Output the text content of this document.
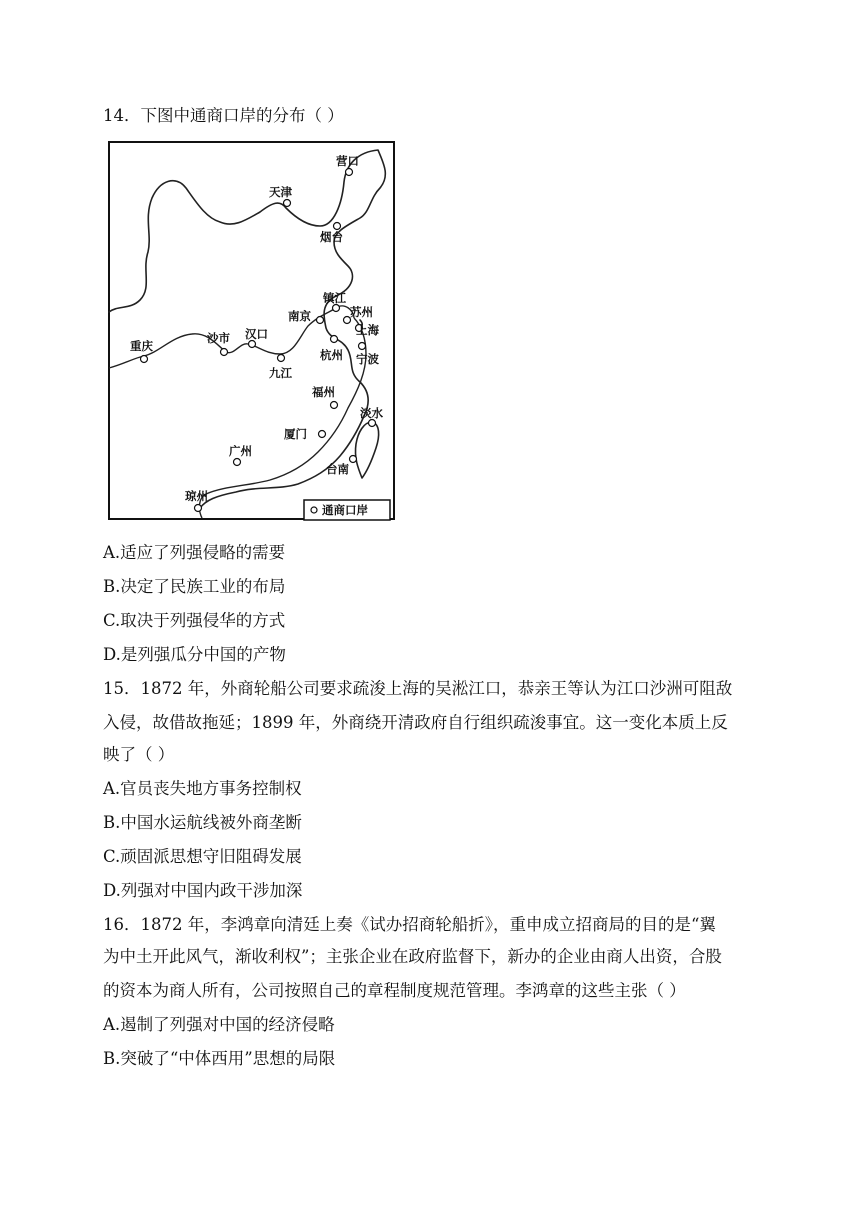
14．下图中通商口岸的分布（ ）

通商口岸
营口
天津
烟台
镇江
南京	苏州
上海
杭州 宁波
重庆
沙市 汉口
九江
福州
厦门
淡水
广州
台南
琼州

A.适应了列强侵略的需要

B.决定了民族工业的布局

C.取决于列强侵华的方式

D.是列强瓜分中国的产物

15．1872 年，外商轮船公司要求疏浚上海的吴淞江口，恭亲王等认为江口沙洲可阻敌

入侵，故借故拖延；1899 年，外商绕开清政府自行组织疏浚事宜。这一变化本质上反

映了（ ）

A.官员丧失地方事务控制权

B.中国水运航线被外商垄断

C.顽固派思想守旧阻碍发展

D.列强对中国内政干涉加深

16．1872 年，李鸿章向清廷上奏《试办招商轮船折》，重申成立招商局的目的是“翼

为中土开此风气，渐收利权”；主张企业在政府监督下，新办的企业由商人出资，合股

的资本为商人所有，公司按照自己的章程制度规范管理。李鸿章的这些主张（ ）

A.遏制了列强对中国的经济侵略

B.突破了“中体西用”思想的局限
